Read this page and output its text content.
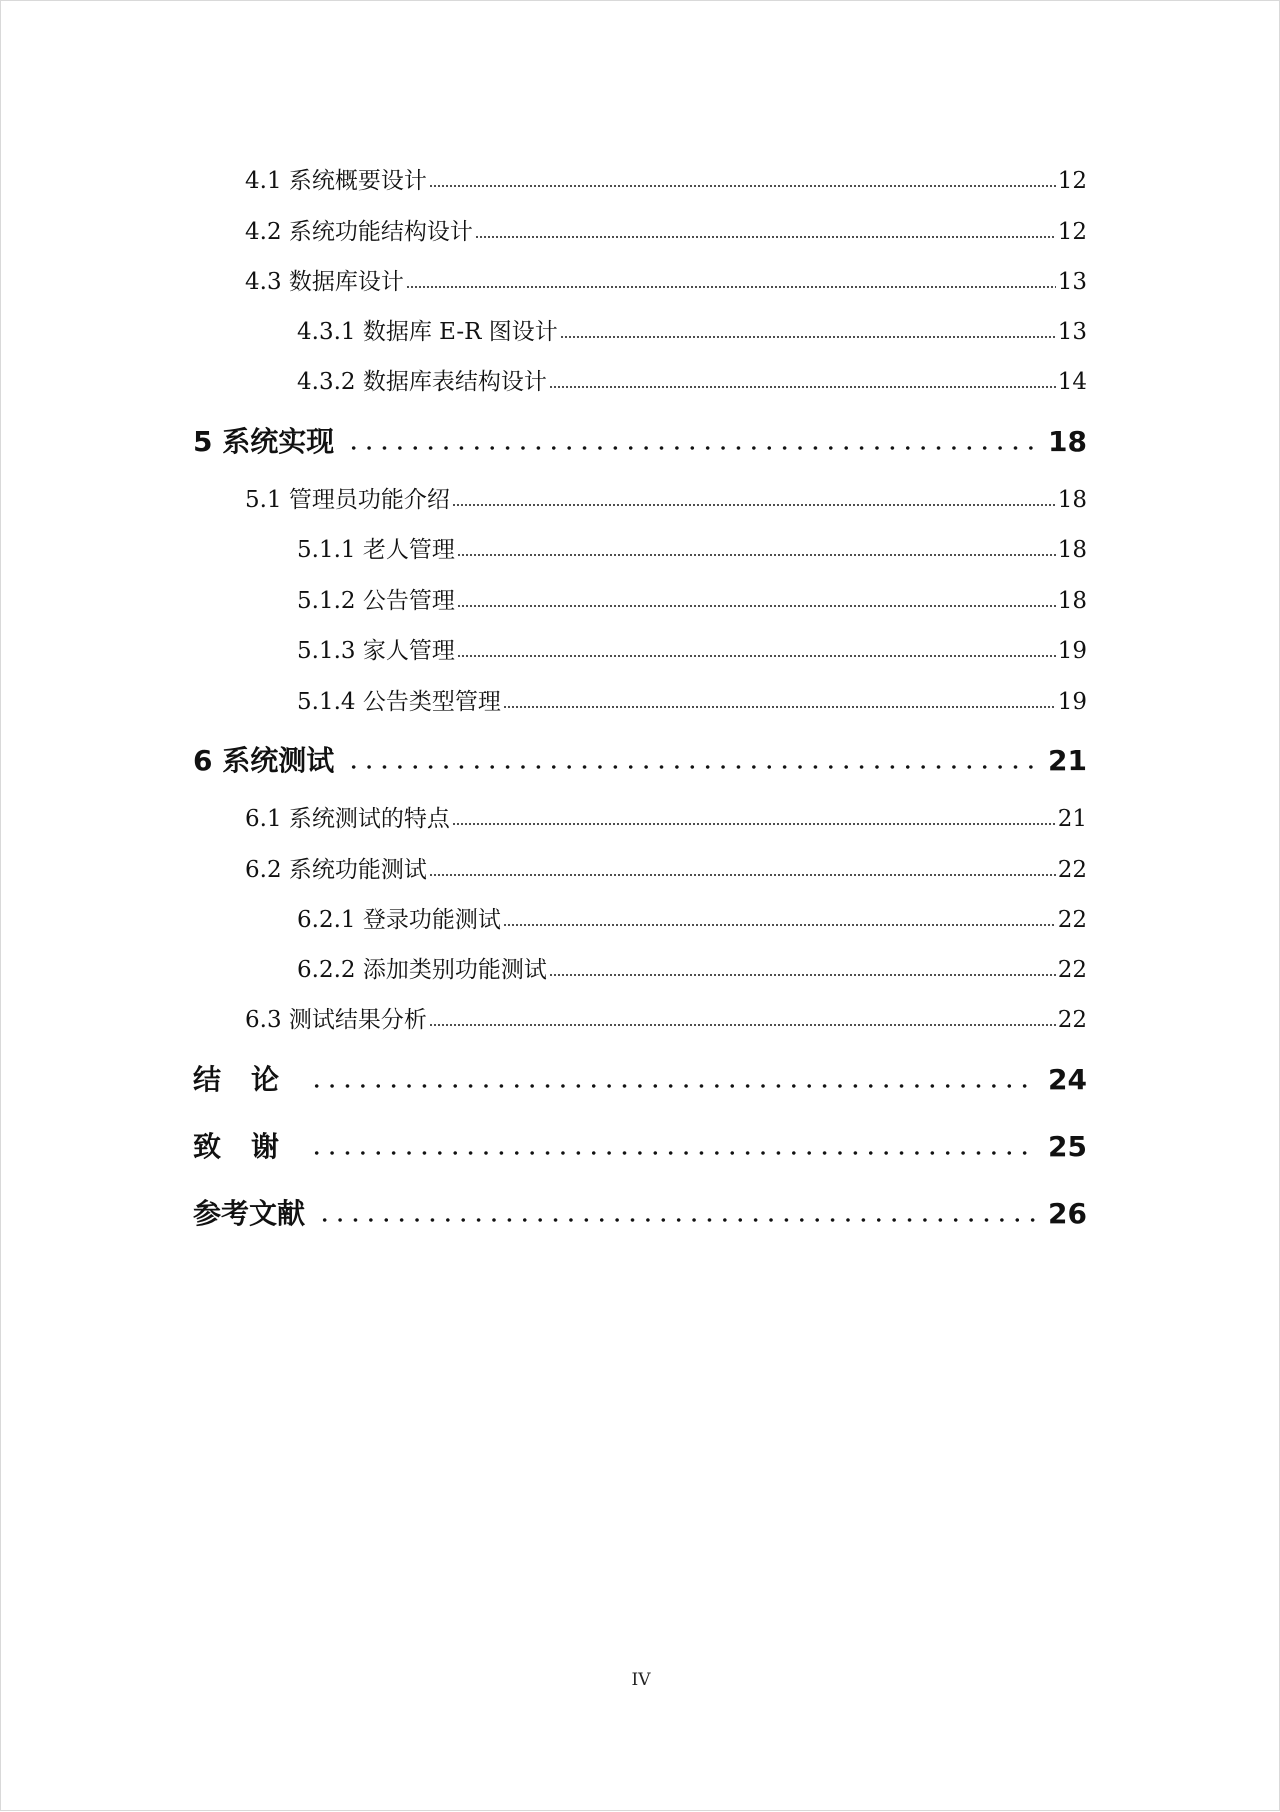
4.1 系统概要设计	12
4.2 系统功能结构设计	12
4.3 数据库设计	13
4.3.1 数据库 E-R 图设计	13
4.3.2 数据库表结构设计	14
5 系统实现	18
5.1 管理员功能介绍	18
5.1.1 老人管理	18
5.1.2 公告管理	18
5.1.3 家人管理	19
5.1.4 公告类型管理	19
6 系统测试	21
6.1 系统测试的特点	21
6.2 系统功能测试	22
6.2.1 登录功能测试	22
6.2.2 添加类别功能测试	22
6.3 测试结果分析	22
结论	24
致谢	25
参考文献	26
IV
